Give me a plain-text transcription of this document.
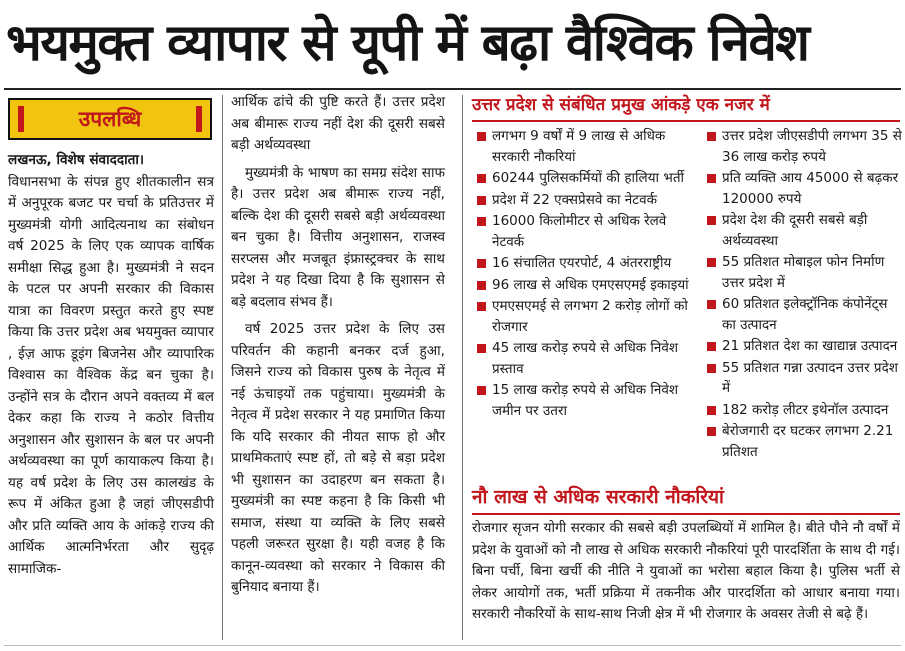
भयमुक्त व्यापार से यूपी में बढ़ा वैश्विक निवेश
उपलब्धि
लखनऊ, विशेष संवाददाता।
विधानसभा के संपन्न हुए शीतकालीन सत्र में अनुपूरक बजट पर चर्चा के प्रतिउत्तर में मुख्यमंत्री योगी आदित्यनाथ का संबोधन वर्ष 2025 के लिए एक व्यापक वार्षिक समीक्षा सिद्ध हुआ है। मुख्यमंत्री ने सदन के पटल पर अपनी सरकार की विकास यात्रा का विवरण प्रस्तुत करते हुए स्पष्ट किया कि उत्तर प्रदेश अब भयमुक्त व्यापार , ईज़ आफ डूइंग बिजनेस और व्यापारिक विश्वास का वैश्विक केंद्र बन चुका है। उन्होंने सत्र के दौरान अपने वक्तव्य में बल देकर कहा कि राज्य ने कठोर वित्तीय अनुशासन और सुशासन के बल पर अपनी अर्थव्यवस्था का पूर्ण कायाकल्प किया है। यह वर्ष प्रदेश के लिए उस कालखंड के रूप में अंकित हुआ है जहां जीएसडीपी और प्रति व्यक्ति आय के आंकड़े राज्य की आर्थिक आत्मनिर्भरता और सुदृढ़ सामाजिक-

आर्थिक ढांचे की पुष्टि करते हैं। उत्तर प्रदेश अब बीमारू राज्य नहीं देश की दूसरी सबसे बड़ी अर्थव्यवस्था

मुख्यमंत्री के भाषण का समग्र संदेश साफ है। उत्तर प्रदेश अब बीमारू राज्य नहीं, बल्कि देश की दूसरी सबसे बड़ी अर्थव्यवस्था बन चुका है। वित्तीय अनुशासन, राजस्व सरप्लस और मजबूत इंफ्रास्ट्रक्चर के साथ प्रदेश ने यह दिखा दिया है कि सुशासन से बड़े बदलाव संभव हैं।

वर्ष 2025 उत्तर प्रदेश के लिए उस परिवर्तन की कहानी बनकर दर्ज हुआ, जिसने राज्य को विकास पुरुष के नेतृत्व में नई ऊंचाइयों तक पहुंचाया। मुख्यमंत्री के नेतृत्व में प्रदेश सरकार ने यह प्रमाणित किया कि यदि सरकार की नीयत साफ हो और प्राथमिकताएं स्पष्ट हों, तो बड़े से बड़ा प्रदेश भी सुशासन का उदाहरण बन सकता है। मुख्यमंत्री का स्पष्ट कहना है कि किसी भी समाज, संस्था या व्यक्ति के लिए सबसे पहली जरूरत सुरक्षा है। यही वजह है कि कानून-व्यवस्था को सरकार ने विकास की बुनियाद बनाया हैं।

उत्तर प्रदेश से संबंधित प्रमुख आंकड़े एक नजर में
लगभग 9 वर्षों में 9 लाख से अधिक सरकारी नौकरियां
60244 पुलिसकर्मियों की हालिया भर्ती
प्रदेश में 22 एक्सप्रेसवे का नेटवर्क
16000 किलोमीटर से अधिक रेलवे नेटवर्क
16 संचालित एयरपोर्ट, 4 अंतरराष्ट्रीय
96 लाख से अधिक एमएसएमई इकाइयां
एमएसएमई से लगभग 2 करोड़ लोगों को रोजगार
45 लाख करोड़ रुपये से अधिक निवेश प्रस्ताव
15 लाख करोड़ रुपये से अधिक निवेश जमीन पर उतरा
उत्तर प्रदेश जीएसडीपी लगभग 35 से 36 लाख करोड़ रुपये
प्रति व्यक्ति आय 45000 से बढ़कर 120000 रुपये
प्रदेश देश की दूसरी सबसे बड़ी अर्थव्यवस्था
55 प्रतिशत मोबाइल फोन निर्माण उत्तर प्रदेश में
60 प्रतिशत इलेक्ट्रॉनिक कंपोनेंट्स का उत्पादन
21 प्रतिशत देश का खाद्यान्न उत्पादन
55 प्रतिशत गन्ना उत्पादन उत्तर प्रदेश में
182 करोड़ लीटर इथेनॉल उत्पादन
बेरोजगारी दर घटकर लगभग 2.21 प्रतिशत
नौ लाख से अधिक सरकारी नौकरियां
रोजगार सृजन योगी सरकार की सबसे बड़ी उपलब्धियों में शामिल है। बीते पौने नौ वर्षों में प्रदेश के युवाओं को नौ लाख से अधिक सरकारी नौकरियां पूरी पारदर्शिता के साथ दी गई। बिना पर्ची, बिना खर्ची की नीति ने युवाओं का भरोसा बहाल किया है। पुलिस भर्ती से लेकर आयोगों तक, भर्ती प्रक्रिया में तकनीक और पारदर्शिता को आधार बनाया गया। सरकारी नौकरियों के साथ-साथ निजी क्षेत्र में भी रोजगार के अवसर तेजी से बढ़े हैं।
